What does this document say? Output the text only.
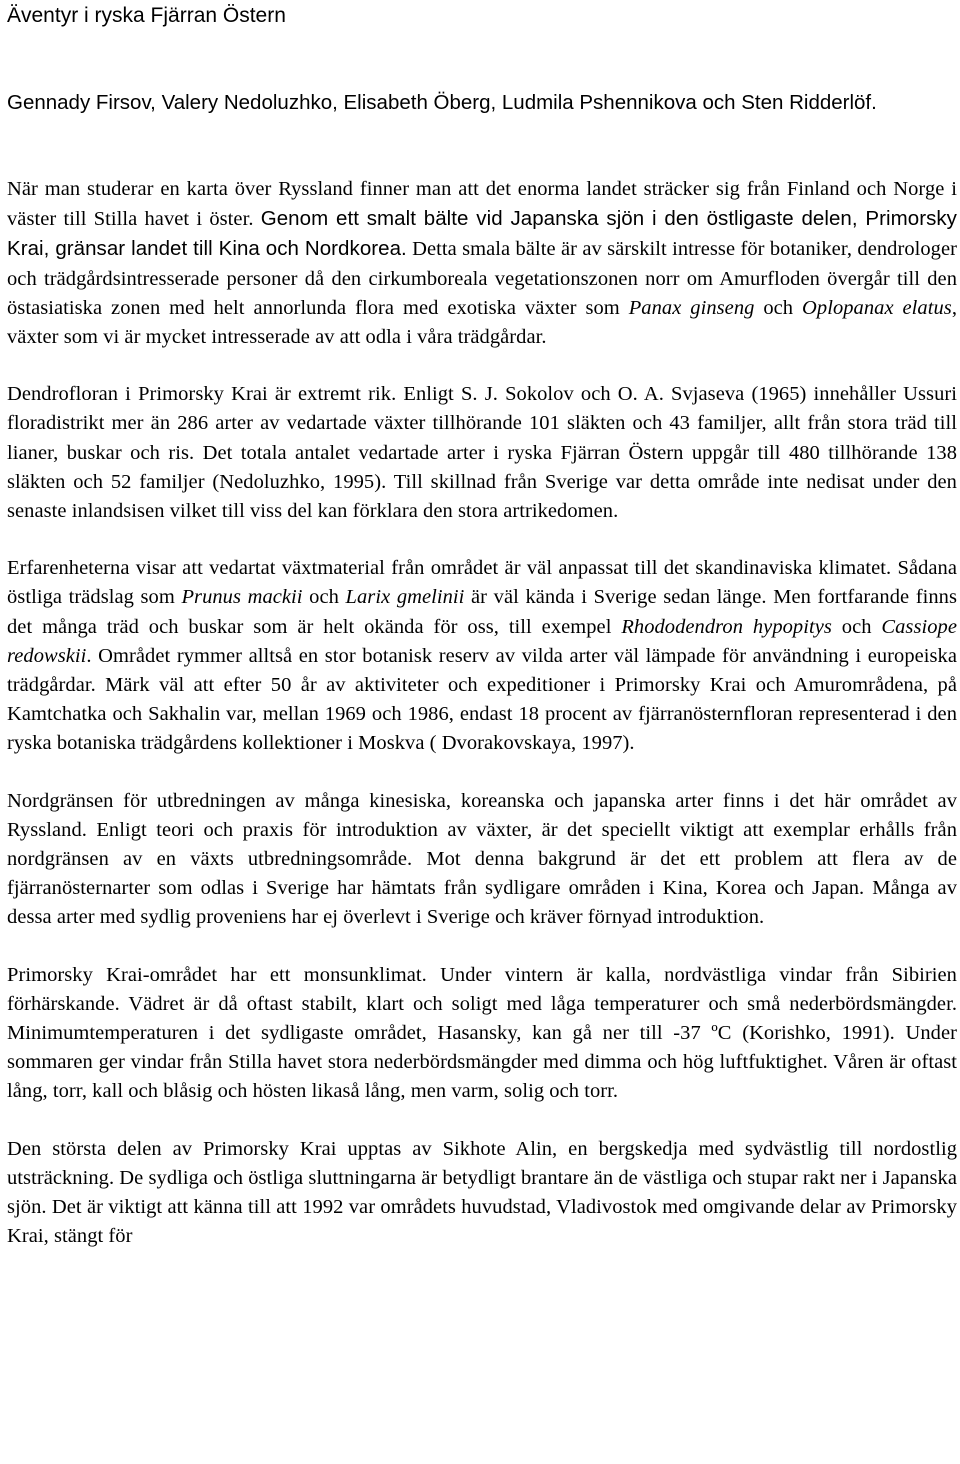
Äventyr i ryska Fjärran Östern

Gennady Firsov, Valery Nedoluzhko, Elisabeth Öberg, Ludmila Pshennikova och Sten Ridderlöf.

När man studerar en karta över Ryssland finner man att det enorma landet sträcker sig från Finland och Norge i väster till Stilla havet i öster. Genom ett smalt bälte vid Japanska sjön i den östligaste delen, Primorsky Krai, gränsar landet till Kina och Nordkorea. Detta smala bälte är av särskilt intresse för botaniker, dendrologer och trädgårdsintresserade personer då den cirkumboreala vegetationszonen norr om Amurfloden övergår till den östasiatiska zonen med helt annorlunda flora med exotiska växter som Panax ginseng och Oplopanax elatus, växter som vi är mycket intresserade av att odla i våra trädgårdar.

Dendrofloran i Primorsky Krai är extremt rik. Enligt S. J. Sokolov och O. A. Svjaseva (1965) innehåller Ussuri floradistrikt mer än 286 arter av vedartade växter tillhörande 101 släkten och 43 familjer, allt från stora träd till lianer, buskar och ris. Det totala antalet vedartade arter i ryska Fjärran Östern uppgår till 480 tillhörande 138 släkten och 52 familjer (Nedoluzhko, 1995). Till skillnad från Sverige var detta område inte nedisat under den senaste inlandsisen vilket till viss del kan förklara den stora artrikedomen.

Erfarenheterna visar att vedartat växtmaterial från området är väl anpassat till det skandinaviska klimatet. Sådana östliga trädslag som Prunus mackii och Larix gmelinii är väl kända i Sverige sedan länge. Men fortfarande finns det många träd och buskar som är helt okända för oss, till exempel Rhododendron hypopitys och Cassiope redowskii. Området rymmer alltså en stor botanisk reserv av vilda arter väl lämpade för användning i europeiska trädgårdar. Märk väl att efter 50 år av aktiviteter och expeditioner i Primorsky Krai och Amurområdena, på Kamtchatka och Sakhalin var, mellan 1969 och 1986, endast 18 procent av fjärranösternfloran representerad i den ryska botaniska trädgårdens kollektioner i Moskva ( Dvorakovskaya, 1997).

Nordgränsen för utbredningen av många kinesiska, koreanska och japanska arter finns i det här området av Ryssland. Enligt teori och praxis för introduktion av växter, är det speciellt viktigt att exemplar erhålls från nordgränsen av en växts utbredningsområde. Mot denna bakgrund är det ett problem att flera av de fjärranösternarter som odlas i Sverige har hämtats från sydligare områden i Kina, Korea och Japan. Många av dessa arter med sydlig proveniens har ej överlevt i Sverige och kräver förnyad introduktion.

Primorsky Krai-området har ett monsunklimat. Under vintern är kalla, nordvästliga vindar från Sibirien förhärskande. Vädret är då oftast stabilt, klart och soligt med låga temperaturer och små nederbördsmängder. Minimumtemperaturen i det sydligaste området, Hasansky, kan gå ner till -37 ºC (Korishko, 1991). Under sommaren ger vindar från Stilla havet stora nederbördsmängder med dimma och hög luftfuktighet. Våren är oftast lång, torr, kall och blåsig och hösten likaså lång, men varm, solig och torr.

Den största delen av Primorsky Krai upptas av Sikhote Alin, en bergskedja med sydvästlig till nordostlig utsträckning. De sydliga och östliga sluttningarna är betydligt brantare än de västliga och stupar rakt ner i Japanska sjön. Det är viktigt att känna till att 1992 var områdets huvudstad, Vladivostok med omgivande delar av Primorsky Krai, stängt för
